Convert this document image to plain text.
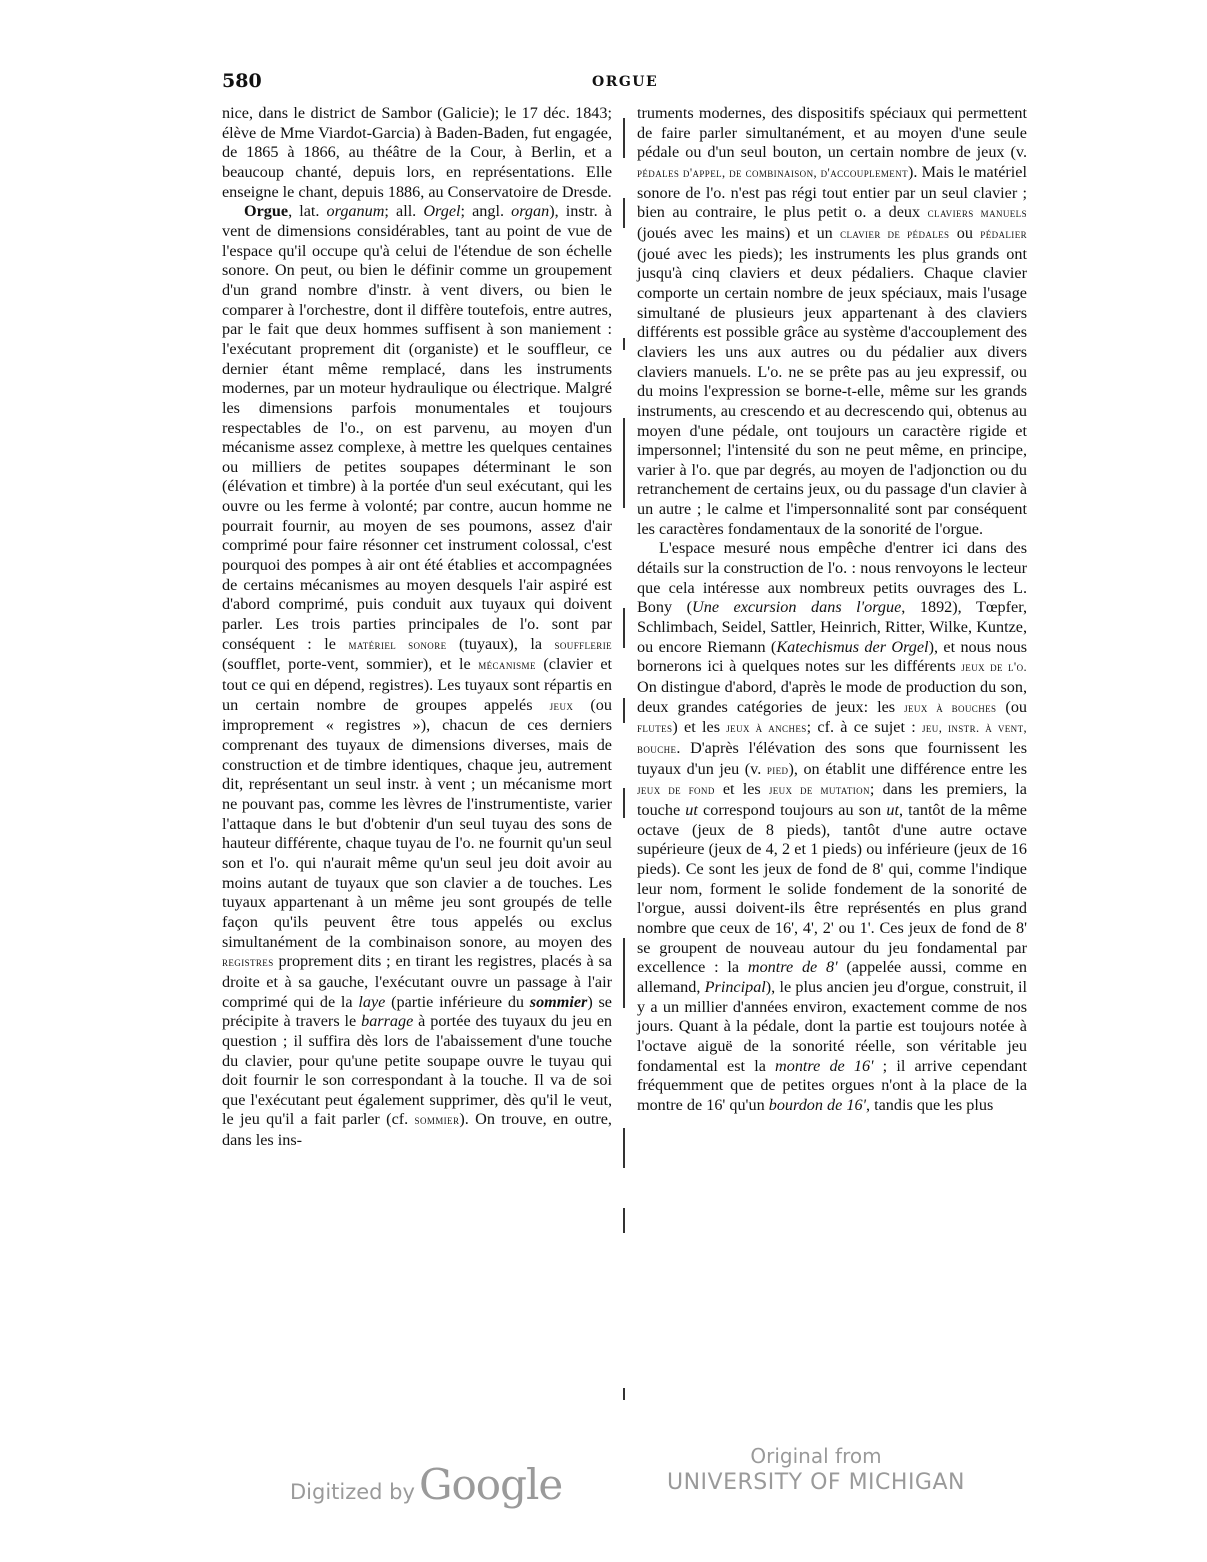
580	ORGUE

nice, dans le district de Sambor (Galicie); le 17 déc. 1843; élève de Mme Viardot-Garcia) à Baden-Baden, fut engagée, de 1865 à 1866, au théâtre de la Cour, à Berlin, et a beaucoup chanté, depuis lors, en représentations. Elle enseigne le chant, depuis 1886, au Conservatoire de Dresde.

Orgue, lat. organum; all. Orgel; angl. organ), instr. à vent de dimensions considérables, tant au point de vue de l'espace qu'il occupe qu'à celui de l'étendue de son échelle sonore. On peut, ou bien le définir comme un groupement d'un grand nombre d'instr. à vent divers, ou bien le comparer à l'orchestre, dont il diffère toutefois, entre autres, par le fait que deux hommes suffisent à son maniement : l'exécutant proprement dit (organiste) et le souffleur, ce dernier étant même remplacé, dans les instruments modernes, par un moteur hydraulique ou électrique. Malgré les dimensions parfois monumentales et toujours respectables de l'o., on est parvenu, au moyen d'un mécanisme assez complexe, à mettre les quelques centaines ou milliers de petites soupapes déterminant le son (élévation et timbre) à la portée d'un seul exécutant, qui les ouvre ou les ferme à volonté; par contre, aucun homme ne pourrait fournir, au moyen de ses poumons, assez d'air comprimé pour faire résonner cet instrument colossal, c'est pourquoi des pompes à air ont été établies et accompagnées de certains mécanismes au moyen desquels l'air aspiré est d'abord comprimé, puis conduit aux tuyaux qui doivent parler. Les trois parties principales de l'o. sont par conséquent : le matériel sonore (tuyaux), la soufflerie (soufflet, porte-vent, sommier), et le mécanisme (clavier et tout ce qui en dépend, registres). Les tuyaux sont répartis en un certain nombre de groupes appelés jeux (ou improprement « registres »), chacun de ces derniers comprenant des tuyaux de dimensions diverses, mais de construction et de timbre identiques, chaque jeu, autrement dit, représentant un seul instr. à vent ; un mécanisme mort ne pouvant pas, comme les lèvres de l'instrumentiste, varier l'attaque dans le but d'obtenir d'un seul tuyau des sons de hauteur différente, chaque tuyau de l'o. ne fournit qu'un seul son et l'o. qui n'aurait même qu'un seul jeu doit avoir au moins autant de tuyaux que son clavier a de touches. Les tuyaux appartenant à un même jeu sont groupés de telle façon qu'ils peuvent être tous appelés ou exclus simultanément de la combinaison sonore, au moyen des registres proprement dits ; en tirant les registres, placés à sa droite et à sa gauche, l'exécutant ouvre un passage à l'air comprimé qui de la laye (partie inférieure du sommier) se précipite à travers le barrage à portée des tuyaux du jeu en question ; il suffira dès lors de l'abaissement d'une touche du clavier, pour qu'une petite soupape ouvre le tuyau qui doit fournir le son correspondant à la touche. Il va de soi que l'exécutant peut également supprimer, dès qu'il le veut, le jeu qu'il a fait parler (cf. sommier). On trouve, en outre, dans les ins-

truments modernes, des dispositifs spéciaux qui permettent de faire parler simultanément, et au moyen d'une seule pédale ou d'un seul bouton, un certain nombre de jeux (v. pédales d'appel, de combinaison, d'accouplement). Mais le matériel sonore de l'o. n'est pas régi tout entier par un seul clavier ; bien au contraire, le plus petit o. a deux claviers manuels (joués avec les mains) et un clavier de pédales ou pédalier (joué avec les pieds); les instruments les plus grands ont jusqu'à cinq claviers et deux pédaliers. Chaque clavier comporte un certain nombre de jeux spéciaux, mais l'usage simultané de plusieurs jeux appartenant à des claviers différents est possible grâce au système d'accouplement des claviers les uns aux autres ou du pédalier aux divers claviers manuels. L'o. ne se prête pas au jeu expressif, ou du moins l'expression se borne-t-elle, même sur les grands instruments, au crescendo et au decrescendo qui, obtenus au moyen d'une pédale, ont toujours un caractère rigide et impersonnel; l'intensité du son ne peut même, en principe, varier à l'o. que par degrés, au moyen de l'adjonction ou du retranchement de certains jeux, ou du passage d'un clavier à un autre ; le calme et l'impersonnalité sont par conséquent les caractères fondamentaux de la sonorité de l'orgue.

L'espace mesuré nous empêche d'entrer ici dans des détails sur la construction de l'o. : nous renvoyons le lecteur que cela intéresse aux nombreux petits ouvrages des L. Bony (Une excursion dans l'orgue, 1892), Tœpfer, Schlimbach, Seidel, Sattler, Heinrich, Ritter, Wilke, Kuntze, ou encore Riemann (Katechismus der Orgel), et nous nous bornerons ici à quelques notes sur les différents jeux de l'o. On distingue d'abord, d'après le mode de production du son, deux grandes catégories de jeux: les jeux à bouches (ou flutes) et les jeux à anches; cf. à ce sujet : jeu, instr. à vent, bouche. D'après l'élévation des sons que fournissent les tuyaux d'un jeu (v. pied), on établit une différence entre les jeux de fond et les jeux de mutation; dans les premiers, la touche ut correspond toujours au son ut, tantôt de la même octave (jeux de 8 pieds), tantôt d'une autre octave supérieure (jeux de 4, 2 et 1 pieds) ou inférieure (jeux de 16 pieds). Ce sont les jeux de fond de 8' qui, comme l'indique leur nom, forment le solide fondement de la sonorité de l'orgue, aussi doivent-ils être représentés en plus grand nombre que ceux de 16', 4', 2' ou 1'. Ces jeux de fond de 8' se groupent de nouveau autour du jeu fondamental par excellence : la montre de 8' (appelée aussi, comme en allemand, Principal), le plus ancien jeu d'orgue, construit, il y a un millier d'années environ, exactement comme de nos jours. Quant à la pédale, dont la partie est toujours notée à l'octave aiguë de la sonorité réelle, son véritable jeu fondamental est la montre de 16' ; il arrive cependant fréquemment que de petites orgues n'ont à la place de la montre de 16' qu'un bourdon de 16', tandis que les plus

Digitized byGoogle
Original from
UNIVERSITY OF MICHIGAN
